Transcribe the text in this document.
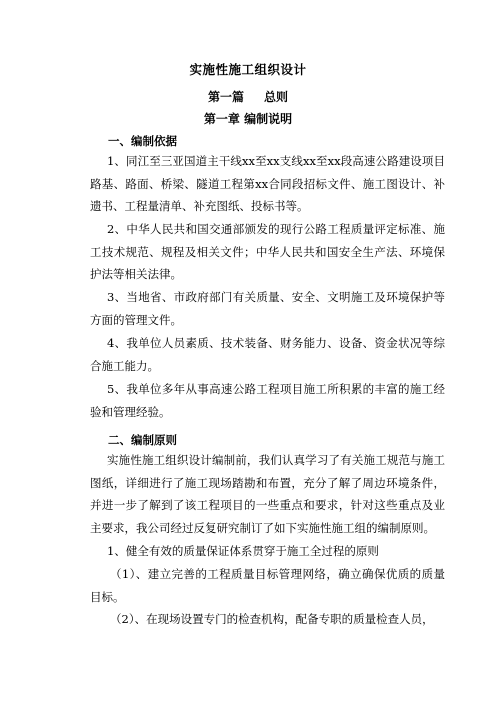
实施性施工组织设计
第一篇 总则
第一章 编制说明
一、编制依据

1、同江至三亚国道主干线xx至xx支线xx至xx段高速公路建设项目路基、路面、桥梁、隧道工程第xx合同段招标文件、施工图设计、补遗书、工程量清单、补充图纸、投标书等。

2、中华人民共和国交通部颁发的现行公路工程质量评定标准、施工技术规范、规程及相关文件；中华人民共和国安全生产法、环境保护法等相关法律。

3、当地省、市政府部门有关质量、安全、文明施工及环境保护等方面的管理文件。

4、我单位人员素质、技术装备、财务能力、设备、资金状况等综合施工能力。

5、我单位多年从事高速公路工程项目施工所积累的丰富的施工经验和管理经验。

二、编制原则

实施性施工组织设计编制前，我们认真学习了有关施工规范与施工图纸，详细进行了施工现场踏勘和布置，充分了解了周边环境条件，并进一步了解到了该工程项目的一些重点和要求，针对这些重点及业主要求，我公司经过反复研究制订了如下实施性施工组的编制原则。

1、健全有效的质量保证体系贯穿于施工全过程的原则

（1）、建立完善的工程质量目标管理网络，确立确保优质的质量目标。

（2）、在现场设置专门的检查机构，配备专职的质量检查人员，
